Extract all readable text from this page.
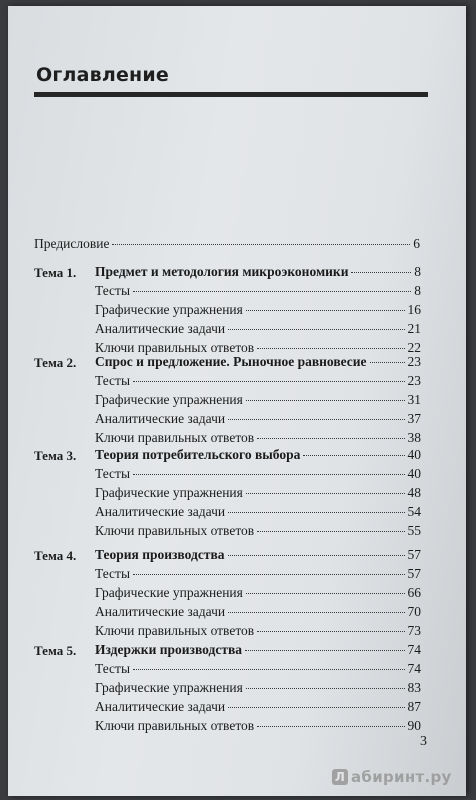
Оглавление
Предисловие	6
Тема 1. Предмет и методология микроэкономики	8
Тесты	8
Графические упражнения	16
Аналитические задачи	21
Ключи правильных ответов	22
Тема 2. Спрос и предложение. Рыночное равновесие	23
Тесты	23
Графические упражнения	31
Аналитические задачи	37
Ключи правильных ответов	38
Тема 3. Теория потребительского выбора	40
Тесты	40
Графические упражнения	48
Аналитические задачи	54
Ключи правильных ответов	55
Тема 4. Теория производства	57
Тесты	57
Графические упражнения	66
Аналитические задачи	70
Ключи правильных ответов	73
Тема 5. Издержки производства	74
Тесты	74
Графические упражнения	83
Аналитические задачи	87
Ключи правильных ответов	90
3
Л абиринт.ру
